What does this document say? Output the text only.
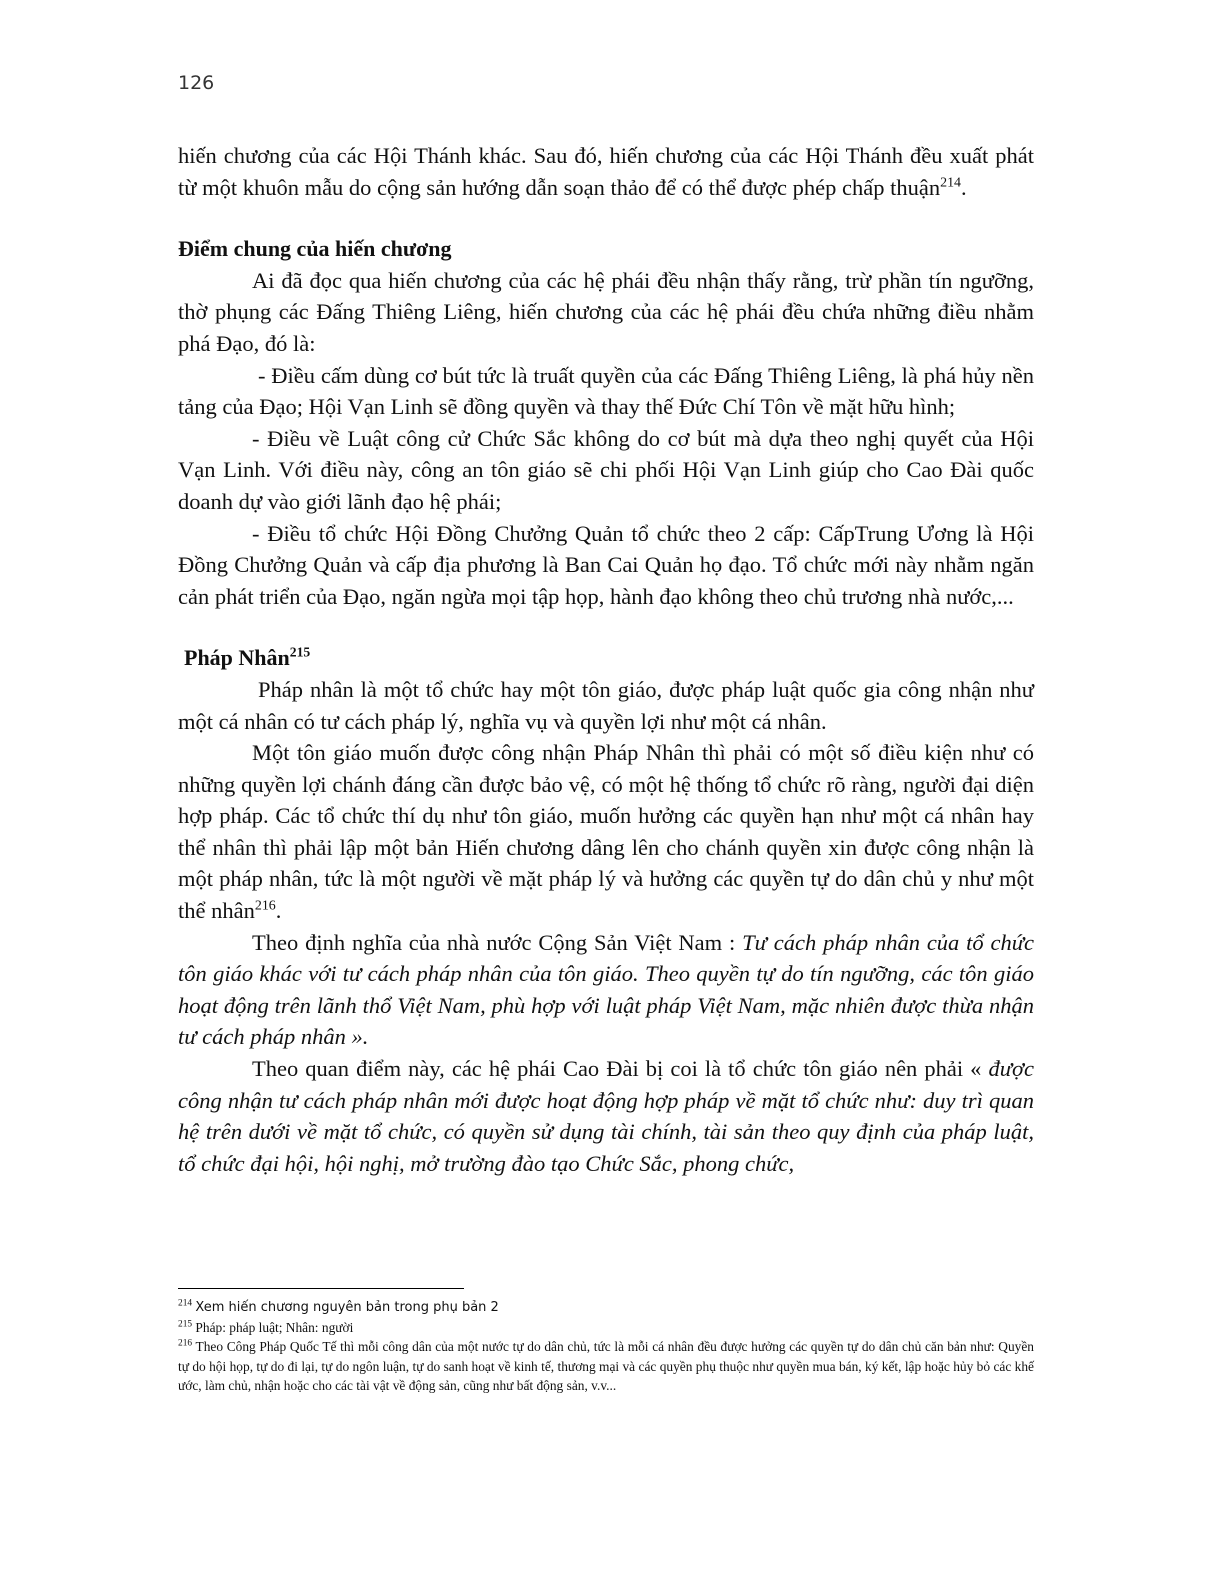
126

hiến chương của các Hội Thánh khác. Sau đó, hiến chương của các Hội Thánh đều xuất phát từ một khuôn mẫu do cộng sản hướng dẫn soạn thảo để có thể được phép chấp thuận$^{214}$.

Điểm chung của hiến chương

Ai đã đọc qua hiến chương của các hệ phái đều nhận thấy rằng, trừ phần tín ngưỡng, thờ phụng các Đấng Thiêng Liêng, hiến chương của các hệ phái đều chứa những điều nhằm phá Đạo, đó là:

- Điều cấm dùng cơ bút tức là truất quyền của các Đấng Thiêng Liêng, là phá hủy nền tảng của Đạo; Hội Vạn Linh sẽ đồng quyền và thay thế Đức Chí Tôn về mặt hữu hình;

- Điều về Luật công cử Chức Sắc không do cơ bút mà dựa theo nghị quyết của Hội Vạn Linh. Với điều này, công an tôn giáo sẽ chi phối Hội Vạn Linh giúp cho Cao Đài quốc doanh dự vào giới lãnh đạo hệ phái;

- Điều tổ chức Hội Đồng Chưởng Quản tổ chức theo 2 cấp: CấpTrung Ương là Hội Đồng Chưởng Quản và cấp địa phương là Ban Cai Quản họ đạo. Tổ chức mới này nhằm ngăn cản phát triển của Đạo, ngăn ngừa mọi tập họp, hành đạo không theo chủ trương nhà nước,...

Pháp Nhân$^{215}$

Pháp nhân là một tổ chức hay một tôn giáo, được pháp luật quốc gia công nhận như một cá nhân có tư cách pháp lý, nghĩa vụ và quyền lợi như một cá nhân.

Một tôn giáo muốn được công nhận Pháp Nhân thì phải có một số điều kiện như có những quyền lợi chánh đáng cần được bảo vệ, có một hệ thống tổ chức rõ ràng, người đại diện hợp pháp. Các tổ chức thí dụ như tôn giáo, muốn hưởng các quyền hạn như một cá nhân hay thể nhân thì phải lập một bản Hiến chương dâng lên cho chánh quyền xin được công nhận là một pháp nhân, tức là một người về mặt pháp lý và hưởng các quyền tự do dân chủ y như một thể nhân$^{216}$.

Theo định nghĩa của nhà nước Cộng Sản Việt Nam : Tư cách pháp nhân của tổ chức tôn giáo khác với tư cách pháp nhân của tôn giáo. Theo quyền tự do tín ngưỡng, các tôn giáo hoạt động trên lãnh thổ Việt Nam, phù hợp với luật pháp Việt Nam, mặc nhiên được thừa nhận tư cách pháp nhân ».

Theo quan điểm này, các hệ phái Cao Đài bị coi là tổ chức tôn giáo nên phải « được công nhận tư cách pháp nhân mới được hoạt động hợp pháp về mặt tổ chức như: duy trì quan hệ trên dưới về mặt tổ chức, có quyền sử dụng tài chính, tài sản theo quy định của pháp luật, tổ chức đại hội, hội nghị, mở trường đào tạo Chức Sắc, phong chức,

$^{214}$ Xem hiến chương nguyên bản trong phụ bản 2

$^{215}$ Pháp: pháp luật; Nhân: người

$^{216}$ Theo Công Pháp Quốc Tế thì mỗi công dân của một nước tự do dân chủ, tức là mỗi cá nhân đều được hưởng các quyền tự do dân chủ căn bản như: Quyền tự do hội họp, tự do đi lại, tự do ngôn luận, tự do sanh hoạt về kinh tế, thương mại và các quyền phụ thuộc như quyền mua bán, ký kết, lập hoặc hủy bỏ các khế ước, làm chủ, nhận hoặc cho các tài vật về động sản, cũng như bất động sản, v.v...
